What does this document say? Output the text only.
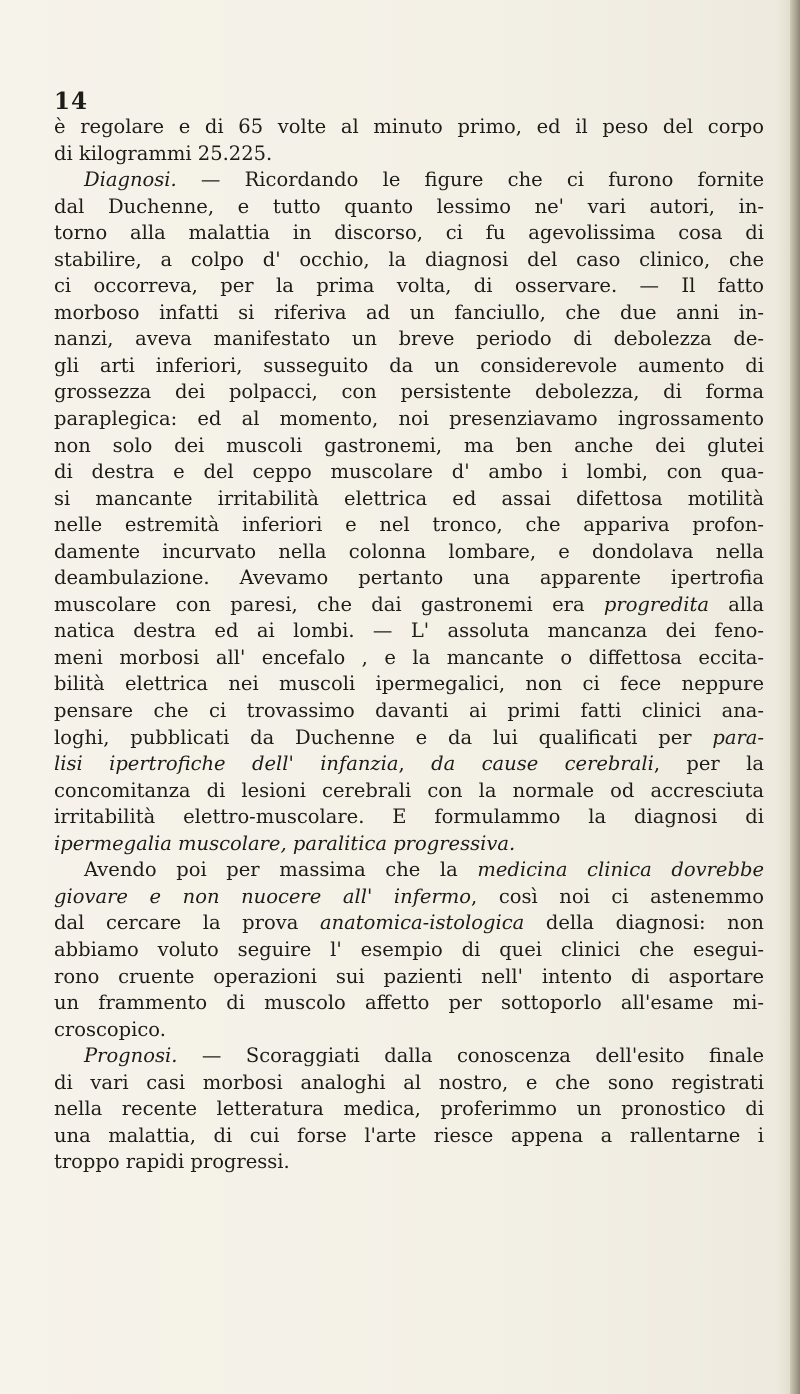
14
è regolare e di 65 volte al minuto primo, ed il peso del corpo
di kilogrammi 25.225.
Diagnosi. — Ricordando le figure che ci furono fornite
dal Duchenne, e tutto quanto lessimo ne' vari autori, in-
torno alla malattia in discorso, ci fu agevolissima cosa di
stabilire, a colpo d' occhio, la diagnosi del caso clinico, che
ci occorreva, per la prima volta, di osservare. — Il fatto
morboso infatti si riferiva ad un fanciullo, che due anni in-
nanzi, aveva manifestato un breve periodo di debolezza de-
gli arti inferiori, susseguito da un considerevole aumento di
grossezza dei polpacci, con persistente debolezza, di forma
paraplegica: ed al momento, noi presenziavamo ingrossamento
non solo dei muscoli gastronemi, ma ben anche dei glutei
di destra e del ceppo muscolare d' ambo i lombi, con qua-
si mancante irritabilità elettrica ed assai difettosa motilità
nelle estremità inferiori e nel tronco, che appariva profon-
damente incurvato nella colonna lombare, e dondolava nella
deambulazione. Avevamo pertanto una apparente ipertrofia
muscolare con paresi, che dai gastronemi era progredita alla
natica destra ed ai lombi. — L' assoluta mancanza dei feno-
meni morbosi all' encefalo , e la mancante o diffettosa eccita-
bilità elettrica nei muscoli ipermegalici, non ci fece neppure
pensare che ci trovassimo davanti ai primi fatti clinici ana-
loghi, pubblicati da Duchenne e da lui qualificati per para-
lisi ipertrofiche dell' infanzia, da cause cerebrali, per la
concomitanza di lesioni cerebrali con la normale od accresciuta
irritabilità elettro-muscolare. E formulammo la diagnosi di
ipermegalia muscolare, paralitica progressiva.
Avendo poi per massima che la medicina clinica dovrebbe
giovare e non nuocere all' infermo, così noi ci astenemmo
dal cercare la prova anatomica-istologica della diagnosi: non
abbiamo voluto seguire l' esempio di quei clinici che esegui-
rono cruente operazioni sui pazienti nell' intento di asportare
un frammento di muscolo affetto per sottoporlo all'esame mi-
croscopico.
Prognosi. — Scoraggiati dalla conoscenza dell'esito finale
di vari casi morbosi analoghi al nostro, e che sono registrati
nella recente letteratura medica, proferimmo un pronostico di
una malattia, di cui forse l'arte riesce appena a rallentarne i
troppo rapidi progressi.
